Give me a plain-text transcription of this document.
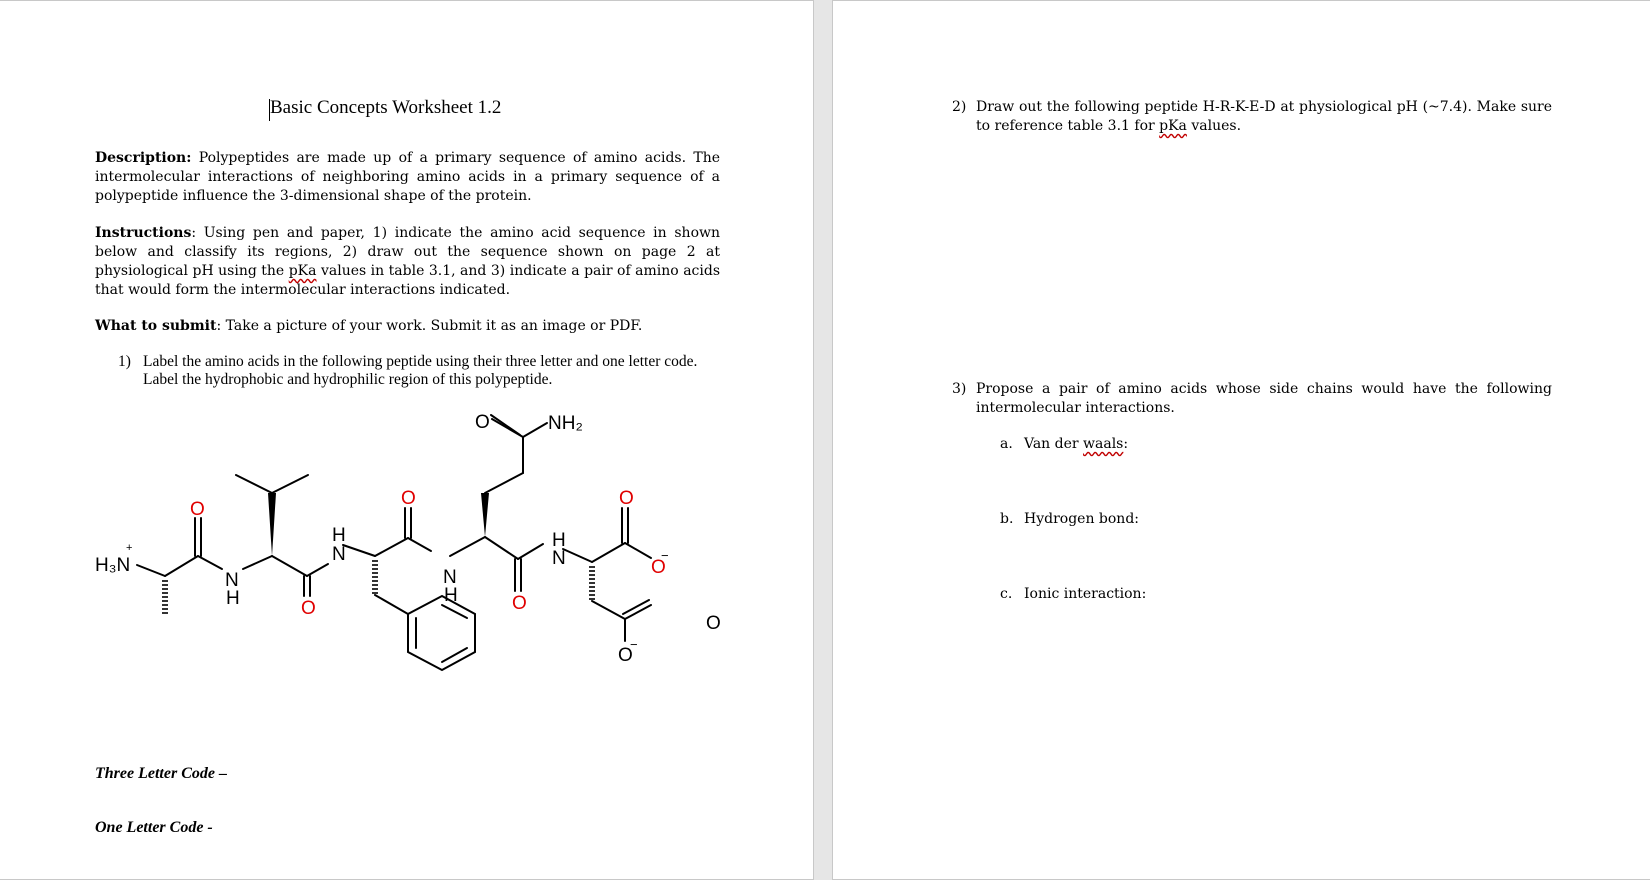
Basic Concepts Worksheet 1.2
Description: Polypeptides are made up of a primary sequence of amino acids. The intermolecular interactions of neighboring amino acids in a primary sequence of a polypeptide influence the 3-dimensional shape of the protein.
Instructions: Using pen and paper, 1) indicate the amino acid sequence in shown below and classify its regions, 2) draw out the sequence shown on page 2 at physiological pH using the pKa values in table 3.1, and 3) indicate a pair of amino acids that would form the intermolecular interactions indicated.
What to submit: Take a picture of your work. Submit it as an image or PDF.
1) Label the amino acids in the following peptide using their three letter and one letter code. Label the hydrophobic and hydrophilic region of this polypeptide.
H₃N
+
O
O
O
O
O
O
−
O	NH₂
N
H
H
N
N
H
H
N
O
O
−
Three Letter Code –
One Letter Code -
2) Draw out the following peptide H-R-K-E-D at physiological pH (~7.4). Make sure to reference table 3.1 for pKa values.
3) Propose a pair of amino acids whose side chains would have the following intermolecular interactions.
a. Van der waals:
b. Hydrogen bond:
c. Ionic interaction:
